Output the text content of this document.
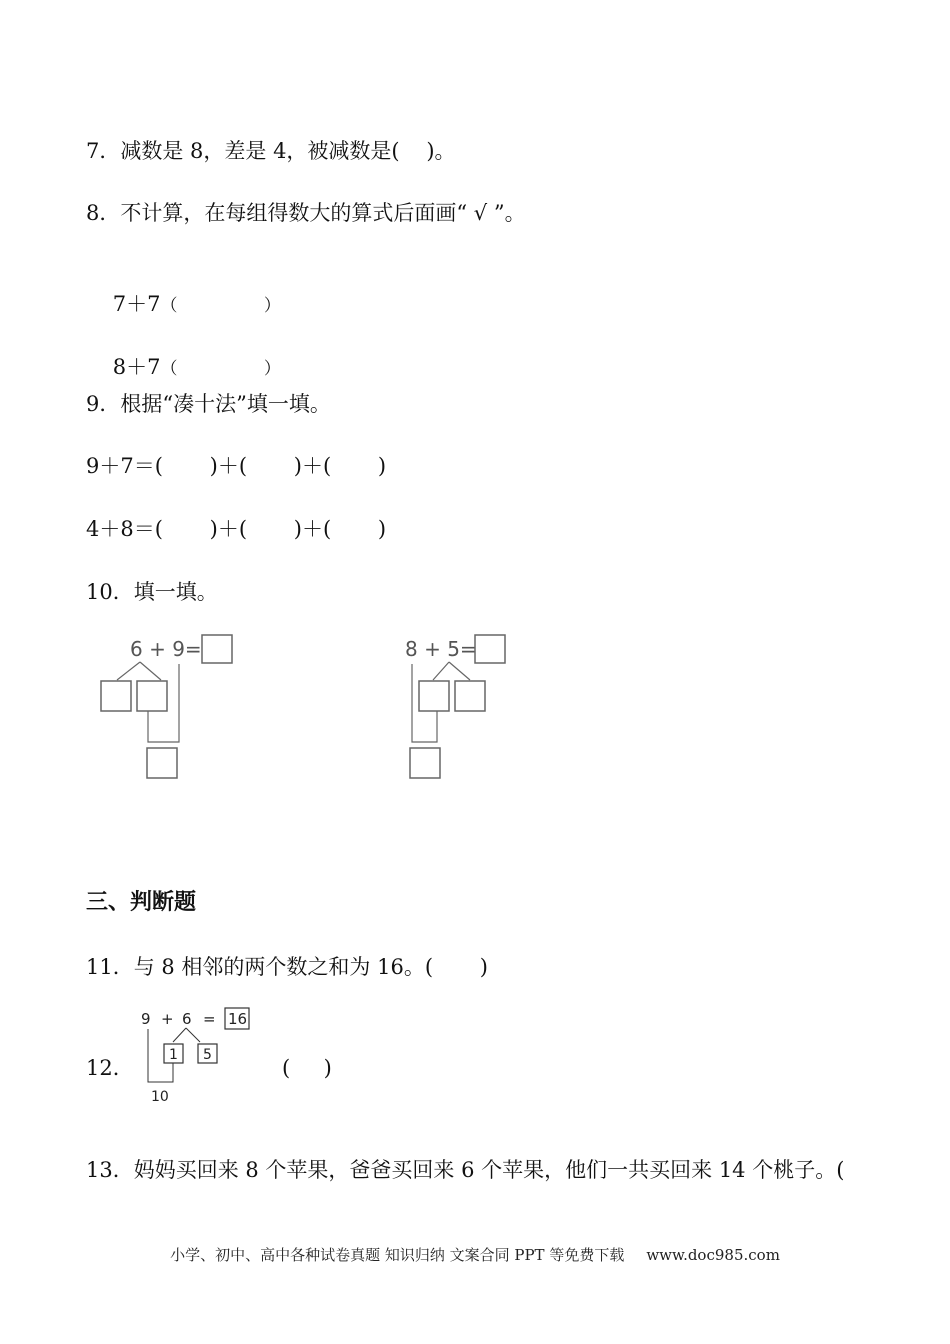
7．减数是 8，差是 4，被减数是(    )。
8．不计算，在每组得数大的算式后面画“ √ ”。

7＋7（                ）

8＋7（                ）

9．根据“凑十法”填一填。
9＋7＝(       )＋(       )＋(       )
4＋8＝(       )＋(       )＋(       )
10．填一填。
6 + 9=	8 + 5=
三、判断题
11．与 8 相邻的两个数之和为 16。(       )
12．
9 + 6 = 16
1 5
10
(     )
13．妈妈买回来 8 个苹果，爸爸买回来 6 个苹果，他们一共买回来 14 个桃子。(
小学、初中、高中各种试卷真题 知识归纳 文案合同 PPT 等免费下载 www.doc985.com
